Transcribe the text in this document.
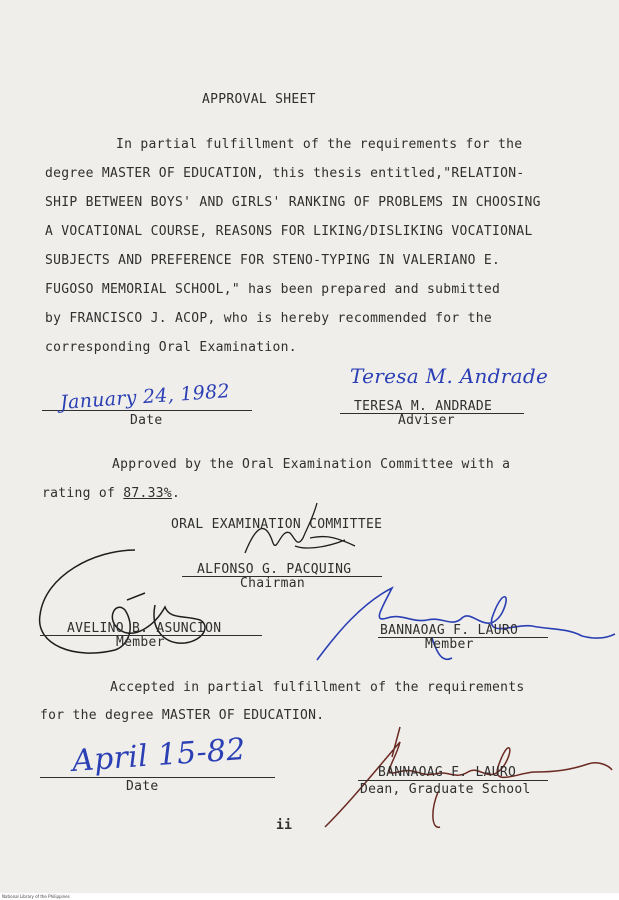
APPROVAL SHEET

In partial fulfillment of the requirements for the

degree MASTER OF EDUCATION, this thesis entitled,"RELATION-

SHIP BETWEEN BOYS' AND GIRLS' RANKING OF PROBLEMS IN CHOOSING

A VOCATIONAL COURSE, REASONS FOR LIKING/DISLIKING VOCATIONAL

SUBJECTS AND PREFERENCE FOR STENO-TYPING IN VALERIANO E.

FUGOSO MEMORIAL SCHOOL," has been prepared and submitted

by FRANCISCO J. ACOP, who is hereby recommended for the

corresponding Oral Examination.

January 24, 1982

Date

Teresa M. Andrade

TERESA M. ANDRADE

Adviser

Approved by the Oral Examination Committee with a

rating of 87.33%.

ORAL EXAMINATION COMMITTEE

ALFONSO G. PACQUING

Chairman

AVELINO B. ASUNCION

Member

BANNAOAG F. LAURO

Member

Accepted in partial fulfillment of the requirements

for the degree MASTER OF EDUCATION.

April 15-82

Date

BANNAOAG F. LAURO

Dean, Graduate School

ii

National Library of the Philippines
